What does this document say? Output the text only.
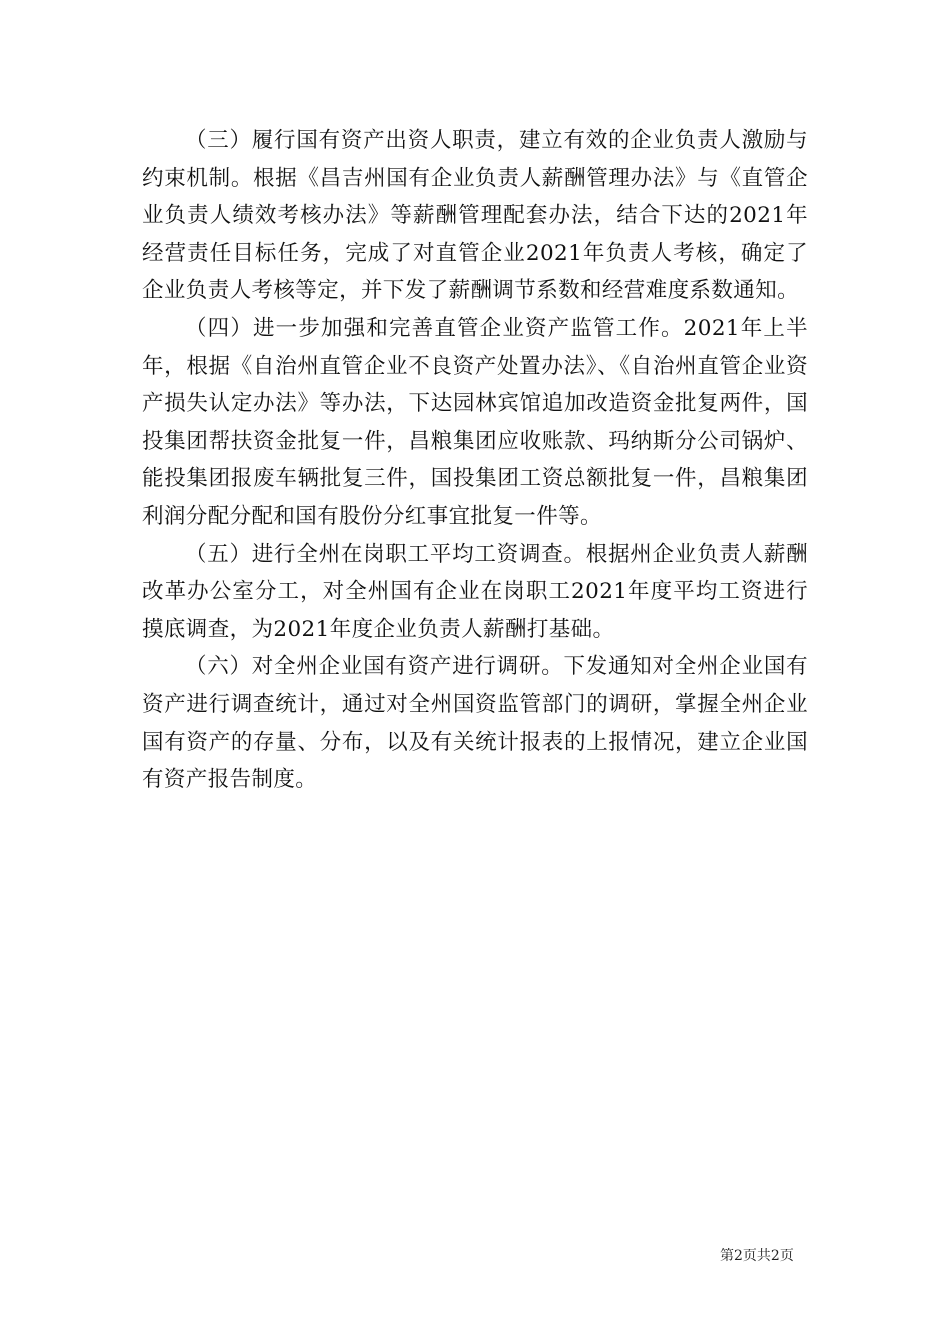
（三）履行国有资产出资人职责，建立有效的企业负责人激励与约束机制。根据《昌吉州国有企业负责人薪酬管理办法》与《直管企业负责人绩效考核办法》等薪酬管理配套办法，结合下达的2021年经营责任目标任务，完成了对直管企业2021年负责人考核，确定了企业负责人考核等定，并下发了薪酬调节系数和经营难度系数通知。

（四）进一步加强和完善直管企业资产监管工作。2021年上半年，根据《自治州直管企业不良资产处置办法》、《自治州直管企业资产损失认定办法》等办法，下达园林宾馆追加改造资金批复两件，国投集团帮扶资金批复一件，昌粮集团应收账款、玛纳斯分公司锅炉、能投集团报废车辆批复三件，国投集团工资总额批复一件，昌粮集团利润分配分配和国有股份分红事宜批复一件等。

（五）进行全州在岗职工平均工资调查。根据州企业负责人薪酬改革办公室分工，对全州国有企业在岗职工2021年度平均工资进行摸底调查，为2021年度企业负责人薪酬打基础。

（六）对全州企业国有资产进行调研。下发通知对全州企业国有资产进行调查统计，通过对全州国资监管部门的调研，掌握全州企业国有资产的存量、分布，以及有关统计报表的上报情况，建立企业国有资产报告制度。

第2页共2页
